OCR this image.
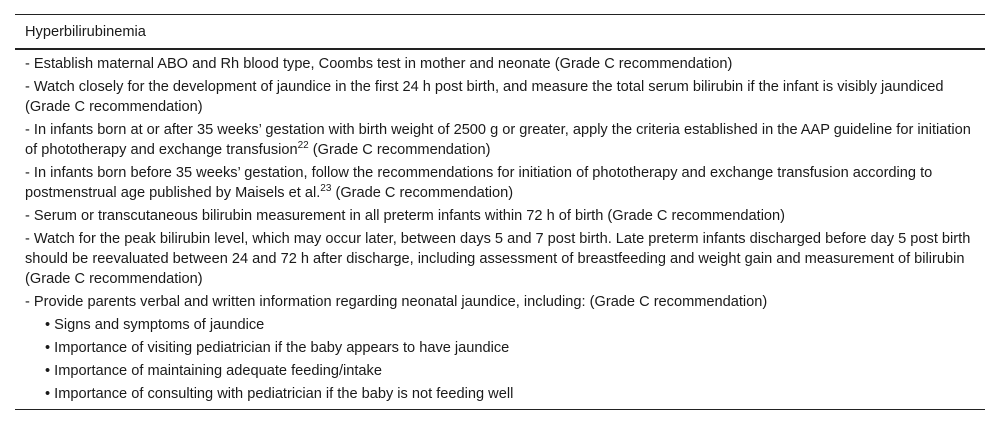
Hyperbilirubinemia
- Establish maternal ABO and Rh blood type, Coombs test in mother and neonate (Grade C recommendation)
- Watch closely for the development of jaundice in the first 24 h post birth, and measure the total serum bilirubin if the infant is visibly jaundiced (Grade C recommendation)
- In infants born at or after 35 weeks’ gestation with birth weight of 2500 g or greater, apply the criteria established in the AAP guideline for initiation of phototherapy and exchange transfusion$^{22}$ (Grade C recommendation)
- In infants born before 35 weeks’ gestation, follow the recommendations for initiation of phototherapy and exchange transfusion according to postmenstrual age published by Maisels et al.$^{23}$ (Grade C recommendation)
- Serum or transcutaneous bilirubin measurement in all preterm infants within 72 h of birth (Grade C recommendation)
- Watch for the peak bilirubin level, which may occur later, between days 5 and 7 post birth. Late preterm infants discharged before day 5 post birth should be reevaluated between 24 and 72 h after discharge, including assessment of breastfeeding and weight gain and measurement of bilirubin (Grade C recommendation)
- Provide parents verbal and written information regarding neonatal jaundice, including: (Grade C recommendation)
• Signs and symptoms of jaundice
• Importance of visiting pediatrician if the baby appears to have jaundice
• Importance of maintaining adequate feeding/intake
• Importance of consulting with pediatrician if the baby is not feeding well
